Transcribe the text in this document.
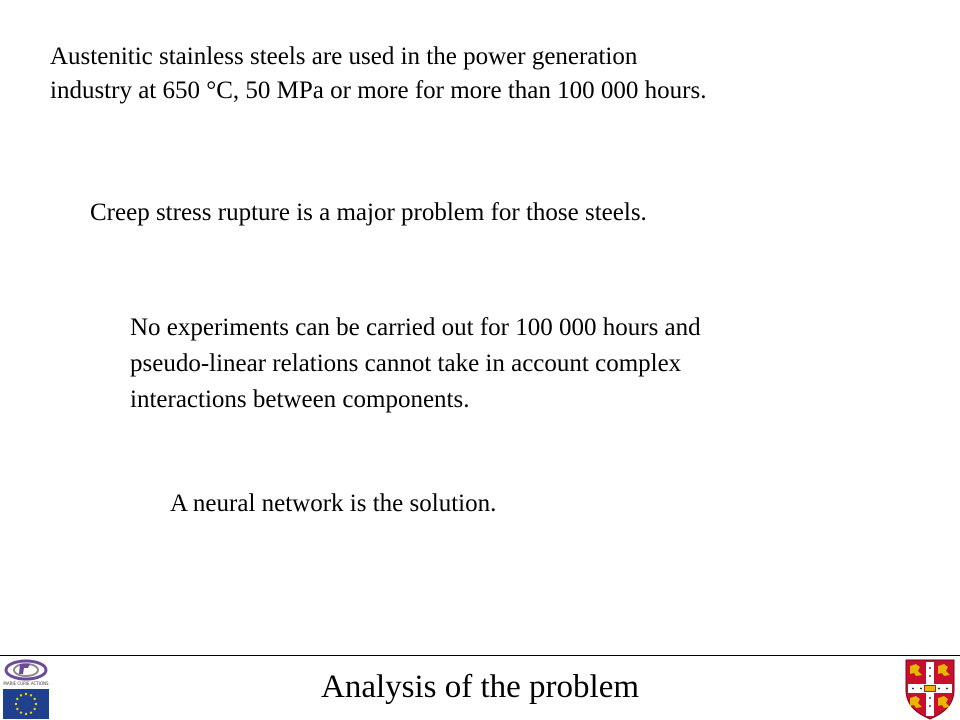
Austenitic stainless steels are used in the power generation
industry at 650 °C, 50 MPa or more for more than 100 000 hours.

Creep stress rupture is a major problem for those steels.

No experiments can be carried out for 100 000 hours and
pseudo-linear relations cannot take in account complex
interactions between components.

A neural network is the solution.

MARIE CURIE ACTIONS	Analysis of the problem
